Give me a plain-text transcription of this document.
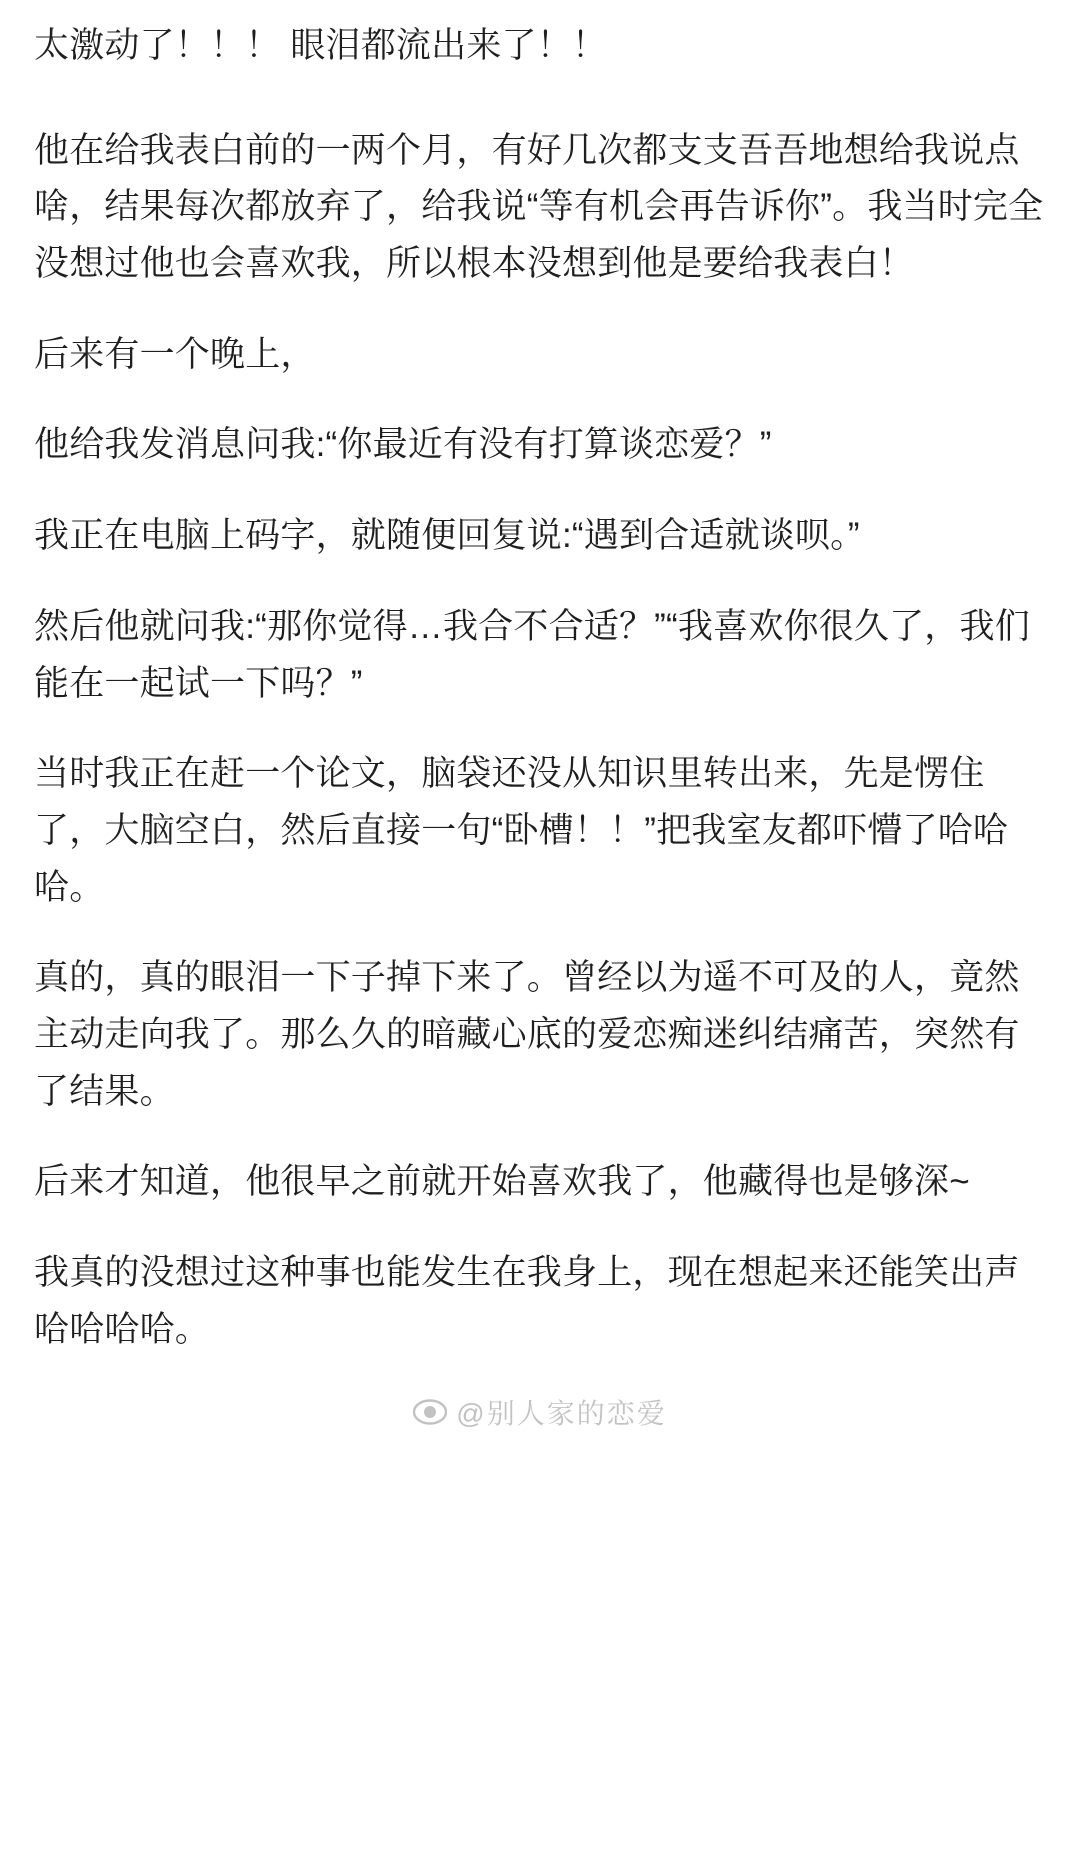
太激动了！！！ 眼泪都流出来了！！

他在给我表白前的一两个月，有好几次都支支吾吾地想给我说点啥，结果每次都放弃了，给我说“等有机会再告诉你”。我当时完全没想过他也会喜欢我，所以根本没想到他是要给我表白！

后来有一个晚上，

他给我发消息问我:“你最近有没有打算谈恋爱？”

我正在电脑上码字，就随便回复说:“遇到合适就谈呗。”

然后他就问我:“那你觉得…我合不合适？”“我喜欢你很久了，我们能在一起试一下吗？”

当时我正在赶一个论文，脑袋还没从知识里转出来，先是愣住了，大脑空白，然后直接一句“卧槽！！”把我室友都吓懵了哈哈哈。

真的，真的眼泪一下子掉下来了。曾经以为遥不可及的人，竟然主动走向我了。那么久的暗藏心底的爱恋痴迷纠结痛苦，突然有了结果。

后来才知道，他很早之前就开始喜欢我了，他藏得也是够深~

我真的没想过这种事也能发生在我身上，现在想起来还能笑出声哈哈哈哈。

@别人家的恋爱
